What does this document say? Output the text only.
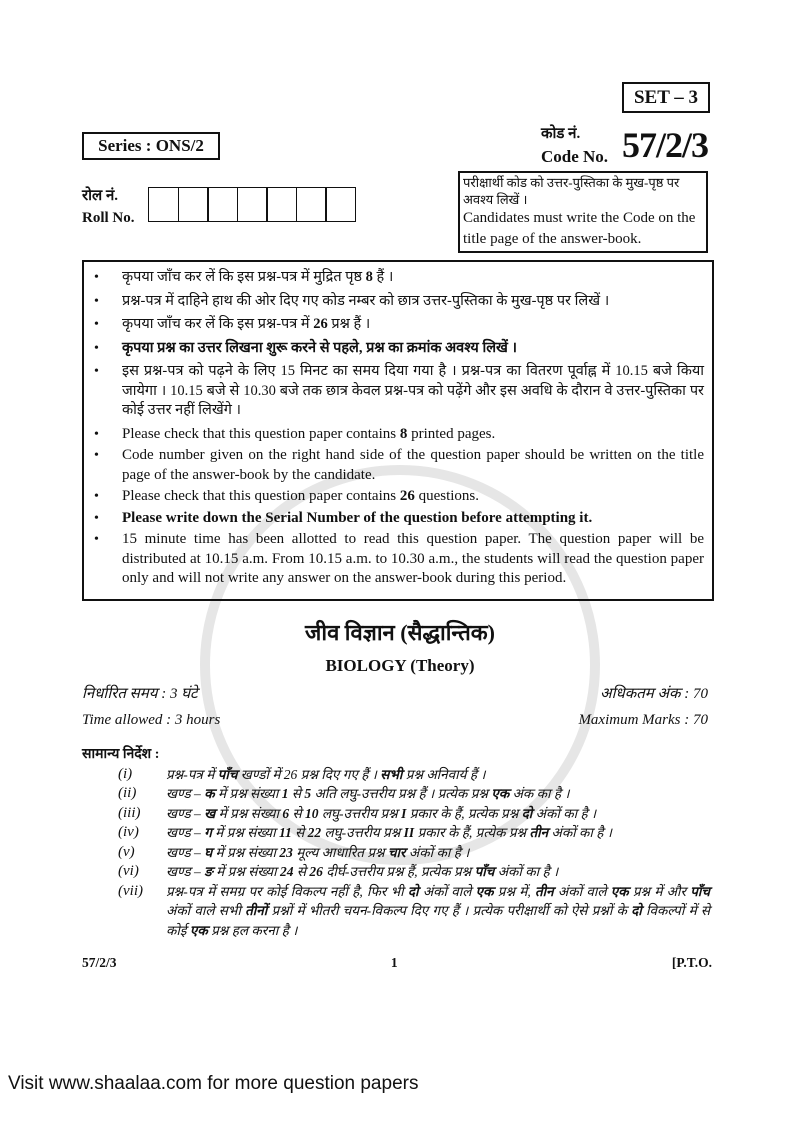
SET – 3
Series : ONS/2
कोड नं.
Code No. 57/2/3
रोल नं.
Roll No.
परीक्षार्थी कोड को उत्तर-पुस्तिका के मुख-पृष्ठ पर अवश्य लिखें ।
Candidates must write the Code on the title page of the answer-book.
•	कृपया जाँच कर लें कि इस प्रश्न-पत्र में मुद्रित पृष्ठ 8 हैं ।
•	प्रश्न-पत्र में दाहिने हाथ की ओर दिए गए कोड नम्बर को छात्र उत्तर-पुस्तिका के मुख-पृष्ठ पर लिखें ।
•	कृपया जाँच कर लें कि इस प्रश्न-पत्र में 26 प्रश्न हैं ।
•	कृपया प्रश्न का उत्तर लिखना शुरू करने से पहले, प्रश्न का क्रमांक अवश्य लिखें ।
•	इस प्रश्न-पत्र को पढ़ने के लिए 15 मिनट का समय दिया गया है । प्रश्न-पत्र का वितरण पूर्वाह्न में 10.15 बजे किया जायेगा । 10.15 बजे से 10.30 बजे तक छात्र केवल प्रश्न-पत्र को पढ़ेंगे और इस अवधि के दौरान वे उत्तर-पुस्तिका पर कोई उत्तर नहीं लिखेंगे ।
•	Please check that this question paper contains 8 printed pages.
•	Code number given on the right hand side of the question paper should be written on the title page of the answer-book by the candidate.
•	Please check that this question paper contains 26 questions.
•	Please write down the Serial Number of the question before attempting it.
•	15 minute time has been allotted to read this question paper. The question paper will be distributed at 10.15 a.m. From 10.15 a.m. to 10.30 a.m., the students will read the question paper only and will not write any answer on the answer-book during this period.
जीव विज्ञान (सैद्धान्तिक)
BIOLOGY (Theory)
निर्धारित समय : 3 घंटे	अधिकतम अंक : 70
Time allowed : 3 hours	Maximum Marks : 70
सामान्य निर्देश :
(i)	प्रश्न-पत्र में पाँच खण्डों में 26 प्रश्न दिए गए हैं । सभी प्रश्न अनिवार्य हैं ।
(ii)	खण्ड – क में प्रश्न संख्या 1 से 5 अति लघु-उत्तरीय प्रश्न हैं । प्रत्येक प्रश्न एक अंक का है ।
(iii)	खण्ड – ख में प्रश्न संख्या 6 से 10 लघु-उत्तरीय प्रश्न I प्रकार के हैं, प्रत्येक प्रश्न दो अंकों का है ।
(iv)	खण्ड – ग में प्रश्न संख्या 11 से 22 लघु-उत्तरीय प्रश्न II प्रकार के हैं, प्रत्येक प्रश्न तीन अंकों का है ।
(v)	खण्ड – घ में प्रश्न संख्या 23 मूल्य आधारित प्रश्न चार अंकों का है ।
(vi)	खण्ड – ङ में प्रश्न संख्या 24 से 26 दीर्घ-उत्तरीय प्रश्न हैं, प्रत्येक प्रश्न पाँच अंकों का है ।
(vii)	प्रश्न-पत्र में समग्र पर कोई विकल्प नहीं है, फिर भी दो अंकों वाले एक प्रश्न में, तीन अंकों वाले एक प्रश्न में और पाँच अंकों वाले सभी तीनों प्रश्नों में भीतरी चयन-विकल्प दिए गए हैं । प्रत्येक परीक्षार्थी को ऐसे प्रश्नों के दो विकल्पों में से कोई एक प्रश्न हल करना है ।
57/2/3	1	[P.T.O.
Visit www.shaalaa.com for more question papers
